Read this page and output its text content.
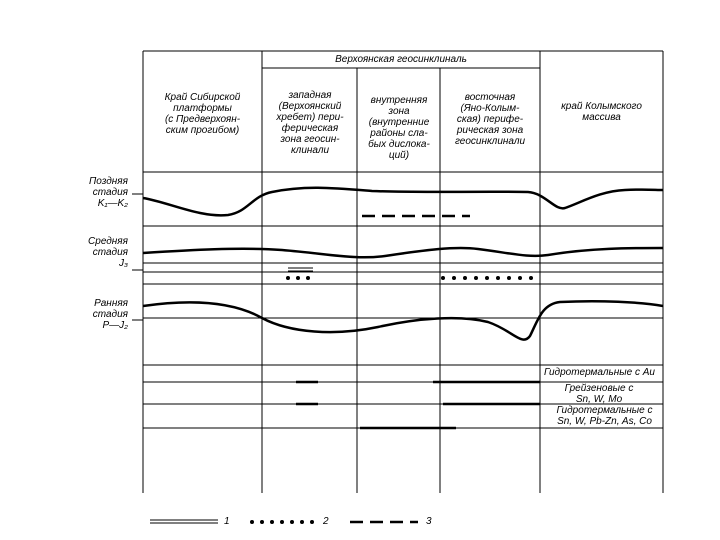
Верхоянская геосинклиналь
Край Сибирской
платформы
(с Предверхоян-
ским прогибом)
западная
(Верхоянский
хребет) пери-
ферическая
зона геосин-
клинали
внутренняя
зона
(внутренние
районы сла-
бых дислока-
ций)
восточная
(Яно-Колым-
ская) перифе-
рическая зона
геосинклинали
край Колымского
массива
Поздняя
стадия
K₁—K₂
Средняя
стадия
J₃
Ранняя
стадия
P—J₂
Гидротермальные с Au
Грейзеновые с
Sn, W, Mo
Гидротермальные с
Sn, W, Pb-Zn, As, Co
1	2	3
